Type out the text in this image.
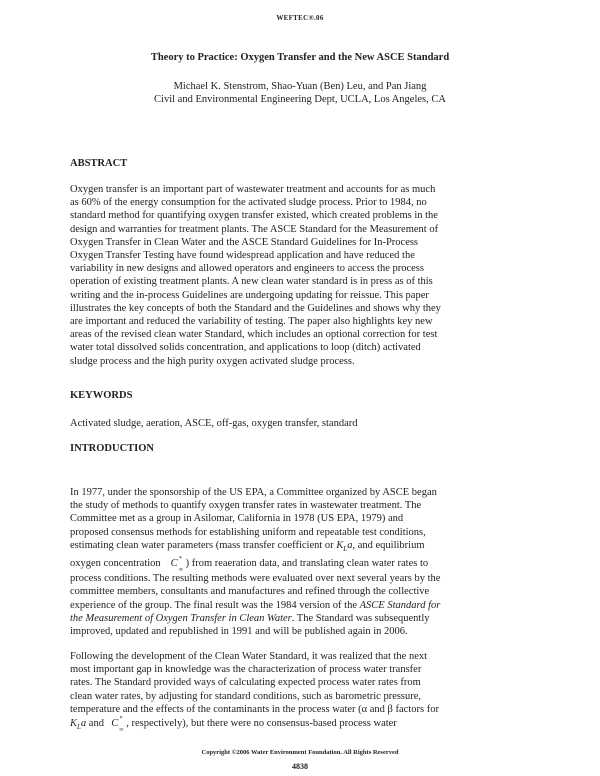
WEFTEC®.06
Theory to Practice: Oxygen Transfer and the New ASCE Standard
Michael K. Stenstrom, Shao-Yuan (Ben) Leu, and Pan Jiang
Civil and Environmental Engineering Dept, UCLA, Los Angeles, CA
ABSTRACT
Oxygen transfer is an important part of wastewater treatment and accounts for as much
as 60% of the energy consumption for the activated sludge process. Prior to 1984, no
standard method for quantifying oxygen transfer existed, which created problems in the
design and warranties for treatment plants. The ASCE Standard for the Measurement of
Oxygen Transfer in Clean Water and the ASCE Standard Guidelines for In-Process
Oxygen Transfer Testing have found widespread application and have reduced the
variability in new designs and allowed operators and engineers to access the process
operation of existing treatment plants. A new clean water standard is in press as of this
writing and the in-process Guidelines are undergoing updating for reissue. This paper
illustrates the key concepts of both the Standard and the Guidelines and shows why they
are important and reduced the variability of testing. The paper also highlights key new
areas of the revised clean water Standard, which includes an optional correction for test
water total dissolved solids concentration, and applications to loop (ditch) activated
sludge process and the high purity oxygen activated sludge process.
KEYWORDS
Activated sludge, aeration, ASCE, off-gas, oxygen transfer, standard
INTRODUCTION
In 1977, under the sponsorship of the US EPA, a Committee organized by ASCE began
the study of methods to quantify oxygen transfer rates in wastewater treatment. The
Committee met as a group in Asilomar, California in 1978 (US EPA, 1979) and
proposed consensus methods for establishing uniform and repeatable test conditions,
estimating clean water parameters (mass transfer coefficient or $K_La$, and equilibrium
oxygen concentration C *
∞
) from reaeration data, and translating clean water rates to
process conditions. The resulting methods were evaluated over next several years by the
committee members, consultants and manufactures and refined through the collective
experience of the group. The final result was the 1984 version of the ASCE Standard for
the Measurement of Oxygen Transfer in Clean Water. The Standard was subsequently
improved, updated and republished in 1991 and will be published again in 2006.
Following the development of the Clean Water Standard, it was realized that the next
most important gap in knowledge was the characterization of process water transfer
rates. The Standard provided ways of calculating expected process water rates from
clean water rates, by adjusting for standard conditions, such as barometric pressure,
temperature and the effects of the contaminants in the process water (α and β factors for
$K_La$ and  C *
∞
, respectively), but there were no consensus-based process water
Copyright ©2006 Water Environment Foundation. All Rights Reserved
4838
